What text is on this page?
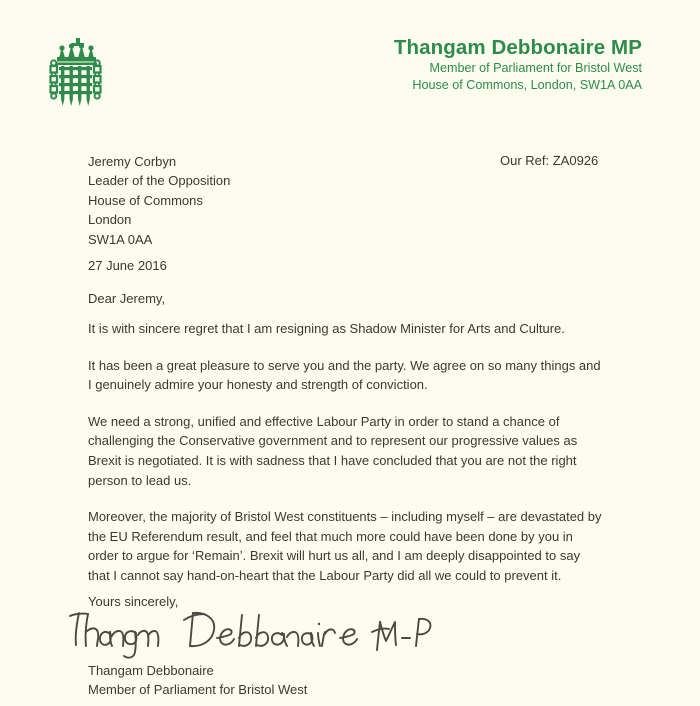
Thangam Debbonaire MP
Member of Parliament for Bristol West
House of Commons, London, SW1A 0AA
Jeremy Corbyn
Leader of the Opposition
House of Commons
London
SW1A 0AA
Our Ref: ZA0926
27 June 2016
Dear Jeremy,

It is with sincere regret that I am resigning as Shadow Minister for Arts and Culture.

It has been a great pleasure to serve you and the party. We agree on so many things and I genuinely admire your honesty and strength of conviction.

We need a strong, unified and effective Labour Party in order to stand a chance of challenging the Conservative government and to represent our progressive values as Brexit is negotiated. It is with sadness that I have concluded that you are not the right person to lead us.

Moreover, the majority of Bristol West constituents – including myself – are devastated by the EU Referendum result, and feel that much more could have been done by you in order to argue for ‘Remain’. Brexit will hurt us all, and I am deeply disappointed to say that I cannot say hand-on-heart that the Labour Party did all we could to prevent it.

Yours sincerely,
Thangam Debbonaire
Member of Parliament for Bristol West
